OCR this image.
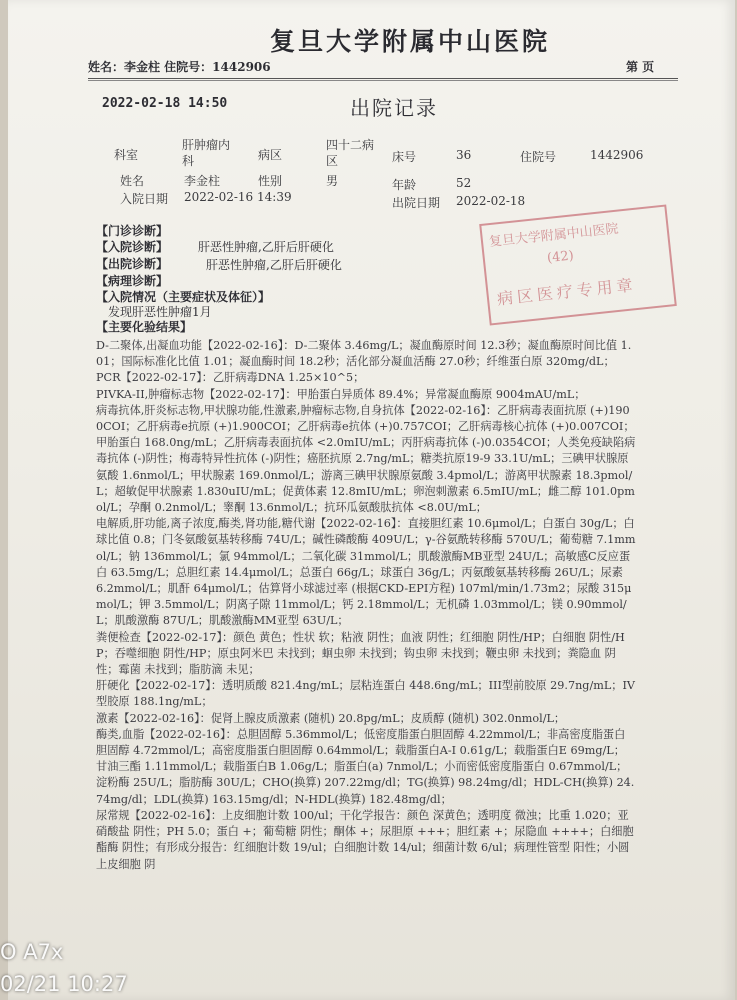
复旦大学附属中山医院
姓名：李金柱 住院号：1442906	第 页
2022-02-18 14:50	出院记录
科室
肝肿瘤内
科	病区
四十二病
区	床号	36	住院号	1442906
姓名	李金柱	性别	男	年龄	52
入院日期 2022-02-16 14:39	出院日期 2022-02-18
【门诊诊断】
【入院诊断】 肝恶性肿瘤,乙肝后肝硬化
【出院诊断】	肝恶性肿瘤,乙肝后肝硬化
【病理诊断】
【入院情况（主要症状及体征）】
发现肝恶性肿瘤1月
【主要化验结果】
复旦大学附属中山医院
(42)
病区医疗专用章
D-二聚体,出凝血功能【2022-02-16】：D-二聚体 3.46mg/L；凝血酶原时间 12.3秒；凝血酶原时间比值 1.01；国际标准化比值 1.01；凝血酶时间 18.2秒；活化部分凝血活酶 27.0秒；纤维蛋白原 320mg/dL；
PCR【2022-02-17】：乙肝病毒DNA 1.25×10^5；
PIVKA-II,肿瘤标志物【2022-02-17】：甲胎蛋白异质体 89.4%；异常凝血酶原 9004mAU/mL；
病毒抗体,肝炎标志物,甲状腺功能,性激素,肿瘤标志物,自身抗体【2022-02-16】：乙肝病毒表面抗原 (+)1900COI；乙肝病毒e抗原 (+)1.900COI；乙肝病毒e抗体 (+)0.757COI；乙肝病毒核心抗体 (+)0.007COI；甲胎蛋白 168.0ng/mL；乙肝病毒表面抗体 <2.0mIU/mL；丙肝病毒抗体 (-)0.0354COI；人类免疫缺陷病毒抗体 (-)阴性；梅毒特异性抗体 (-)阴性；癌胚抗原 2.7ng/mL；糖类抗原19-9 33.1U/mL；三碘甲状腺原氨酸 1.6nmol/L；甲状腺素 169.0nmol/L；游离三碘甲状腺原氨酸 3.4pmol/L；游离甲状腺素 18.3pmol/L；超敏促甲状腺素 1.830uIU/mL；促黄体素 12.8mIU/mL；卵泡刺激素 6.5mIU/mL；雌二醇 101.0pmol/L；孕酮 0.2nmol/L；睾酮 13.6nmol/L；抗环瓜氨酸肽抗体 <8.0U/mL；
电解质,肝功能,离子浓度,酶类,肾功能,糖代谢【2022-02-16】：直接胆红素 10.6μmol/L；白蛋白 30g/L；白球比值 0.8；门冬氨酸氨基转移酶 74U/L；碱性磷酸酶 409U/L；γ-谷氨酰转移酶 570U/L；葡萄糖 7.1mmol/L；钠 136mmol/L；氯 94mmol/L；二氧化碳 31mmol/L；肌酸激酶MB亚型 24U/L；高敏感C反应蛋白 63.5mg/L；总胆红素 14.4μmol/L；总蛋白 66g/L；球蛋白 36g/L；丙氨酸氨基转移酶 26U/L；尿素 6.2mmol/L；肌酐 64μmol/L；估算肾小球滤过率 (根据CKD-EPI方程) 107ml/min/1.73m2；尿酸 315μmol/L；钾 3.5mmol/L；阴离子隙 11mmol/L；钙 2.18mmol/L；无机磷 1.03mmol/L；镁 0.90mmol/L；肌酸激酶 87U/L；肌酸激酶MM亚型 63U/L；
粪便检查【2022-02-17】：颜色 黄色；性状 软；粘液 阴性；血液 阴性；红细胞 阴性/HP；白细胞 阴性/HP；吞噬细胞 阴性/HP；原虫阿米巴 未找到；蛔虫卵 未找到；钩虫卵 未找到；鞭虫卵 未找到；粪隐血 阴性；霉菌 未找到；脂肪滴 未见；
肝硬化【2022-02-17】：透明质酸 821.4ng/mL；层粘连蛋白 448.6ng/mL；III型前胶原 29.7ng/mL；IV型胶原 188.1ng/mL；
激素【2022-02-16】：促肾上腺皮质激素 (随机) 20.8pg/mL；皮质醇 (随机) 302.0nmol/L；
酶类,血脂【2022-02-16】：总胆固醇 5.36mmol/L；低密度脂蛋白胆固醇 4.22mmol/L；非高密度脂蛋白胆固醇 4.72mmol/L；高密度脂蛋白胆固醇 0.64mmol/L；载脂蛋白A-I 0.61g/L；载脂蛋白E 69mg/L；甘油三酯 1.11mmol/L；载脂蛋白B 1.06g/L；脂蛋白(a) 7nmol/L；小而密低密度脂蛋白 0.67mmol/L；淀粉酶 25U/L；脂肪酶 30U/L；CHO(换算) 207.22mg/dl；TG(换算) 98.24mg/dl；HDL-CH(换算) 24.74mg/dl；LDL(换算) 163.15mg/dl；N-HDL(换算) 182.48mg/dl；
尿常规【2022-02-16】：上皮细胞计数 100/ul；干化学报告：颜色 深黄色；透明度 微浊；比重 1.020；亚硝酸盐 阴性；PH 5.0；蛋白 +；葡萄糖 阴性；酮体 +；尿胆原 +++；胆红素 +；尿隐血 ++++；白细胞酯酶 阴性；有形成分报告：红细胞计数 19/ul；白细胞计数 14/ul；细菌计数 6/ul；病理性管型 阳性；小圆上皮细胞 阴
O A7x
02/21 10:27
